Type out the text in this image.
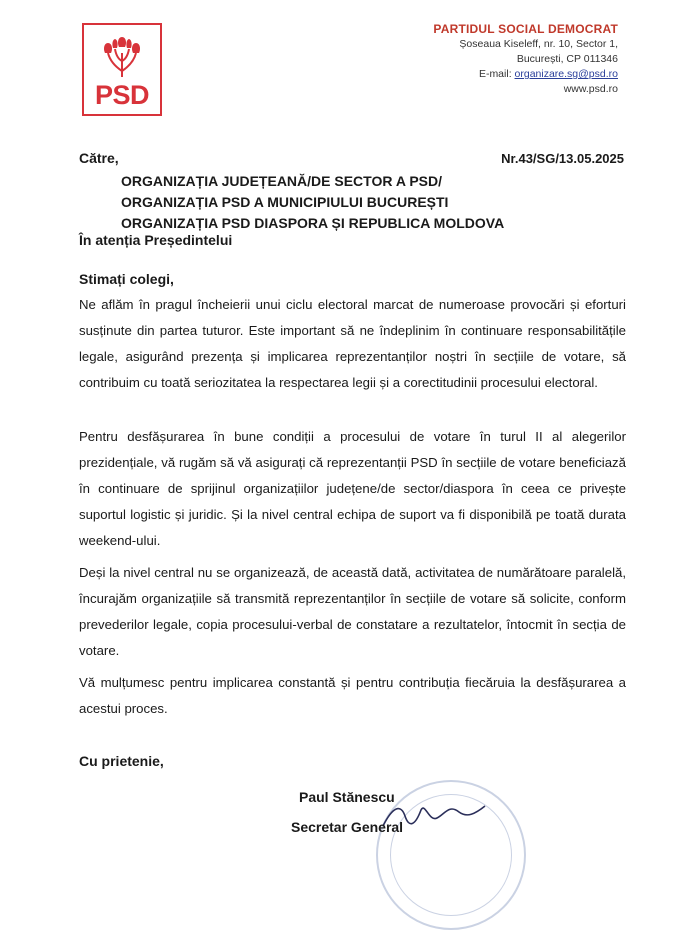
PSD
PARTIDUL SOCIAL DEMOCRAT
Șoseaua Kiseleff, nr. 10, Sector 1,
București, CP 011346
E-mail: organizare.sg@psd.ro
www.psd.ro
Nr.43/SG/13.05.2025
Către,
ORGANIZAȚIA JUDEȚEANĂ/DE SECTOR A PSD/
ORGANIZAȚIA PSD A MUNICIPIULUI BUCUREȘTI
ORGANIZAȚIA PSD DIASPORA ȘI REPUBLICA MOLDOVA
În atenția Președintelui
Stimați colegi,
Ne aflăm în pragul încheierii unui ciclu electoral marcat de numeroase provocări și eforturi susținute din partea tuturor. Este important să ne îndeplinim în continuare responsabilitățile legale, asigurând prezența și implicarea reprezentanților noștri în secțiile de votare, să contribuim cu toată seriozitatea la respectarea legii și a corectitudinii procesului electoral.
Pentru desfășurarea în bune condiții a procesului de votare în turul II al alegerilor prezidențiale, vă rugăm să vă asigurați că reprezentanții PSD în secțiile de votare beneficiază în continuare de sprijinul organizațiilor județene/de sector/diaspora în ceea ce privește suportul logistic și juridic. Și la nivel central echipa de suport va fi disponibilă pe toată durata weekend-ului.
Deși la nivel central nu se organizează, de această dată, activitatea de numărătoare paralelă, încurajăm organizațiile să transmită reprezentanților în secțiile de votare să solicite, conform prevederilor legale, copia procesului-verbal de constatare a rezultatelor, întocmit în secția de votare.
Vă mulțumesc pentru implicarea constantă și pentru contribuția fiecăruia la desfășurarea a acestui proces.
Cu prietenie,
Paul Stănescu
Secretar General
